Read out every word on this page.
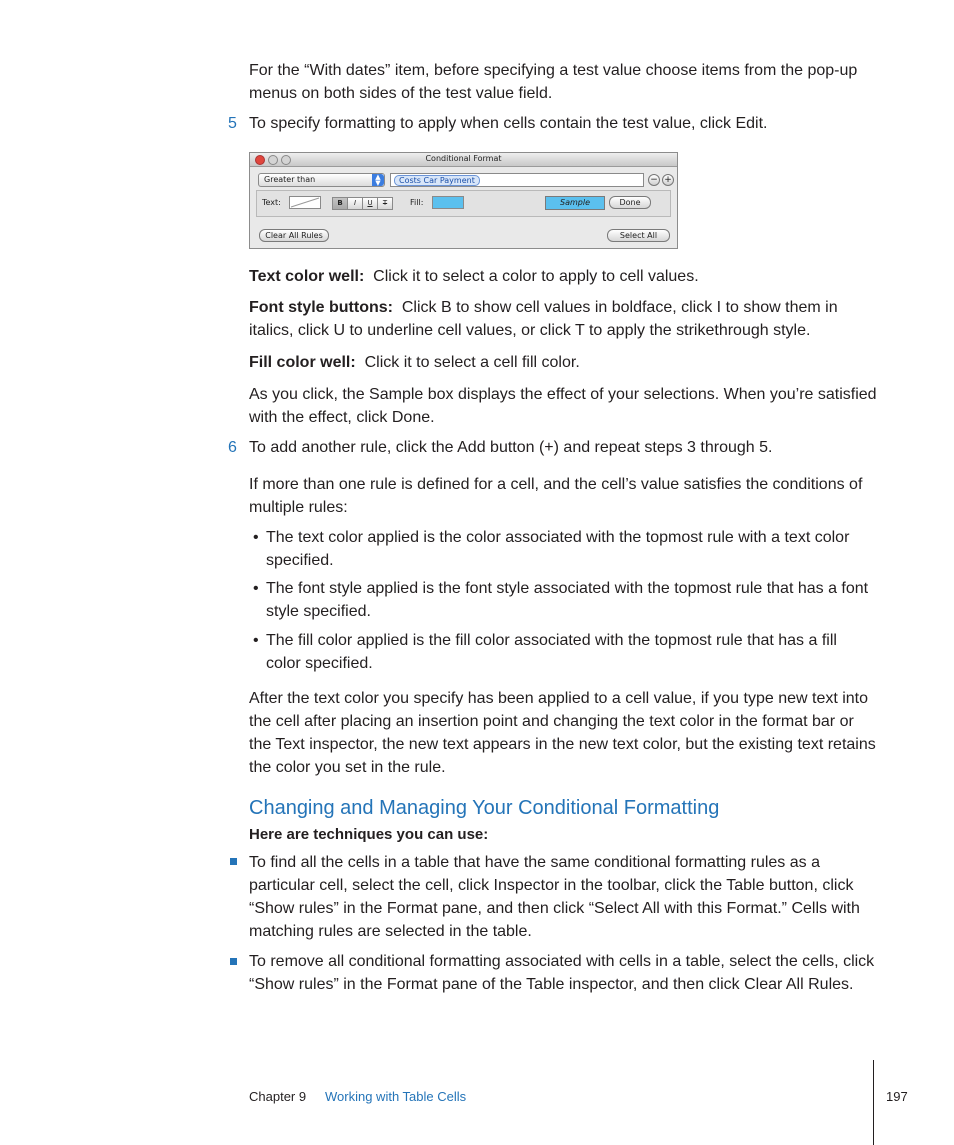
For the “With dates” item, before specifying a test value choose items from the pop-up menus on both sides of the test value field.

5 To specify formatting to apply when cells contain the test value, click Edit.

Conditional Format
Greater than	▲
▼	Costs Car Payment	− +
Text:	B	I	U	T	Fill:	Sample	Done
Clear All Rules	Select All

Text color well: Click it to select a color to apply to cell values.

Font style buttons: Click B to show cell values in boldface, click I to show them in italics, click U to underline cell values, or click T to apply the strikethrough style.

Fill color well: Click it to select a cell fill color.

As you click, the Sample box displays the effect of your selections. When you’re satisfied with the effect, click Done.

6 To add another rule, click the Add button (+) and repeat steps 3 through 5.

If more than one rule is defined for a cell, and the cell’s value satisfies the conditions of multiple rules:

• The text color applied is the color associated with the topmost rule with a text color specified.

• The font style applied is the font style associated with the topmost rule that has a font style specified.

• The fill color applied is the fill color associated with the topmost rule that has a fill color specified.

After the text color you specify has been applied to a cell value, if you type new text into the cell after placing an insertion point and changing the text color in the format bar or the Text inspector, the new text appears in the new text color, but the existing text retains the color you set in the rule.

Changing and Managing Your Conditional Formatting
Here are techniques you can use:

To find all the cells in a table that have the same conditional formatting rules as a particular cell, select the cell, click Inspector in the toolbar, click the Table button, click “Show rules” in the Format pane, and then click “Select All with this Format.” Cells with matching rules are selected in the table.

To remove all conditional formatting associated with cells in a table, select the cells, click “Show rules” in the Format pane of the Table inspector, and then click Clear All Rules.

Chapter 9 Working with Table Cells	197
